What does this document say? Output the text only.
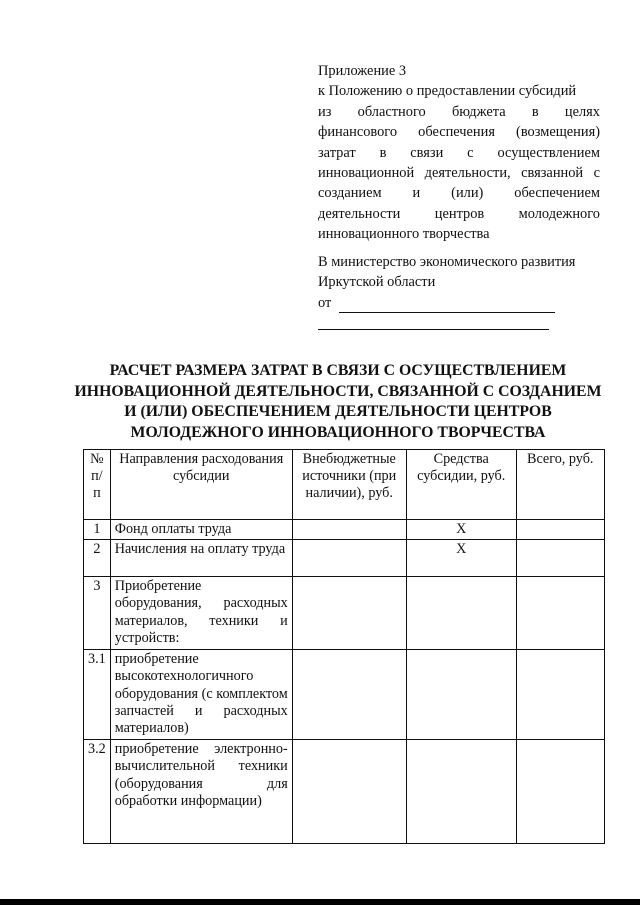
Приложение 3
к Положению о предоставлении субсидий
из областного бюджета в целях
финансового обеспечения (возмещения)
затрат в связи с осуществлением
инновационной деятельности, связанной с
созданием и (или) обеспечением
деятельности центров молодежного
инновационного творчества
В министерство экономического развития
Иркутской области
от
РАСЧЕТ РАЗМЕРА ЗАТРАТ В СВЯЗИ С ОСУЩЕСТВЛЕНИЕМ
ИННОВАЦИОННОЙ ДЕЯТЕЛЬНОСТИ, СВЯЗАННОЙ С СОЗДАНИЕМ
И (ИЛИ) ОБЕСПЕЧЕНИЕМ ДЕЯТЕЛЬНОСТИ ЦЕНТРОВ
МОЛОДЕЖНОГО ИННОВАЦИОННОГО ТВОРЧЕСТВА
№ п/п	Направления расходования субсидии	Внебюджетные источники (при наличии), руб.	Средства субсидии, руб.	Всего, руб.
1	Фонд оплаты труда		X	
2	Начисления на оплату труда		X	
3	Приобретение оборудования, расходных материалов, техники и устройств:			
3.1	приобретение высокотехнологичного оборудования (с комплектом запчастей и расходных материалов)			
3.2	приобретение электронно-вычислительной техники (оборудования для обработки информации)			
